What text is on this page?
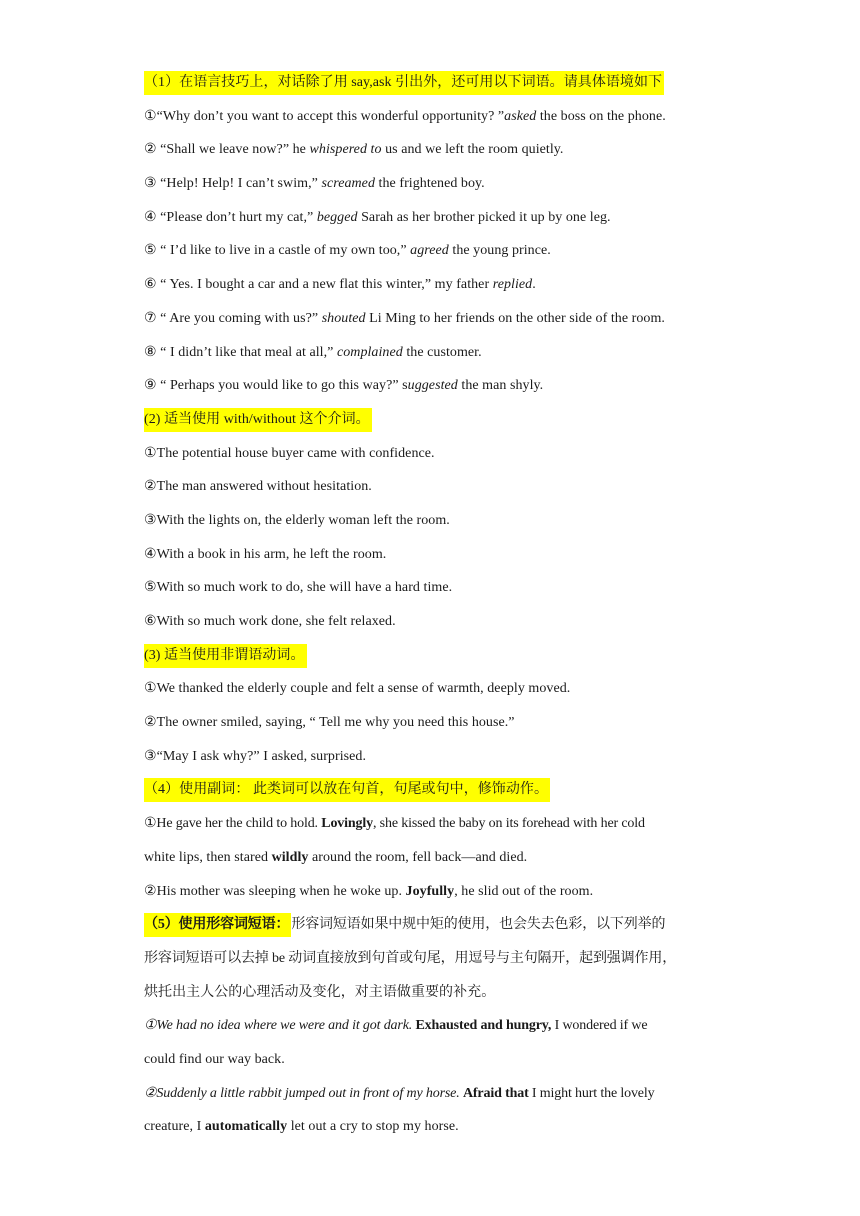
（1）在语言技巧上，对话除了用 say,ask 引出外，还可用以下词语。请具体语境如下
①“Why don’t you want to accept this wonderful opportunity? ”asked the boss on the phone.
② “Shall we leave now?” he whispered to us and we left the room quietly.
③ “Help! Help! I can’t swim,” screamed the frightened boy.
④ “Please don’t hurt my cat,” begged Sarah as her brother picked it up by one leg.
⑤ “ I’d like to live in a castle of my own too,” agreed the young prince.
⑥ “ Yes. I bought a car and a new flat this winter,” my father replied.
⑦ “ Are you coming with us?” shouted Li Ming to her friends on the other side of the room.
⑧ “ I didn’t like that meal at all,” complained the customer.
⑨ “ Perhaps you would like to go this way?” suggested the man shyly.
(2) 适当使用 with/without 这个介词。
①The potential house buyer came with confidence.
②The man answered without hesitation.
③With the lights on, the elderly woman left the room.
④With a book in his arm, he left the room.
⑤With so much work to do, she will have a hard time.
⑥With so much work done, she felt relaxed.
(3) 适当使用非谓语动词。
①We thanked the elderly couple and felt a sense of warmth, deeply moved.
②The owner smiled, saying, “ Tell me why you need this house.”
③“May I ask why?” I asked, surprised.
（4）使用副词： 此类词可以放在句首，句尾或句中，修饰动作。
①He gave her the child to hold. Lovingly, she kissed the baby on its forehead with her cold
white lips, then stared wildly around the room, fell back—and died.
②His mother was sleeping when he woke up. Joyfully, he slid out of the room.
（5）使用形容词短语： 形容词短语如果中规中矩的使用，也会失去色彩，以下列举的
形容词短语可以去掉 be 动词直接放到句首或句尾，用逗号与主句隔开，起到强调作用，
烘托出主人公的心理活动及变化，对主语做重要的补充。
①We had no idea where we were and it got dark. Exhausted and hungry, I wondered if we
could find our way back.
②Suddenly a little rabbit jumped out in front of my horse. Afraid that I might hurt the lovely
creature, I automatically let out a cry to stop my horse.
